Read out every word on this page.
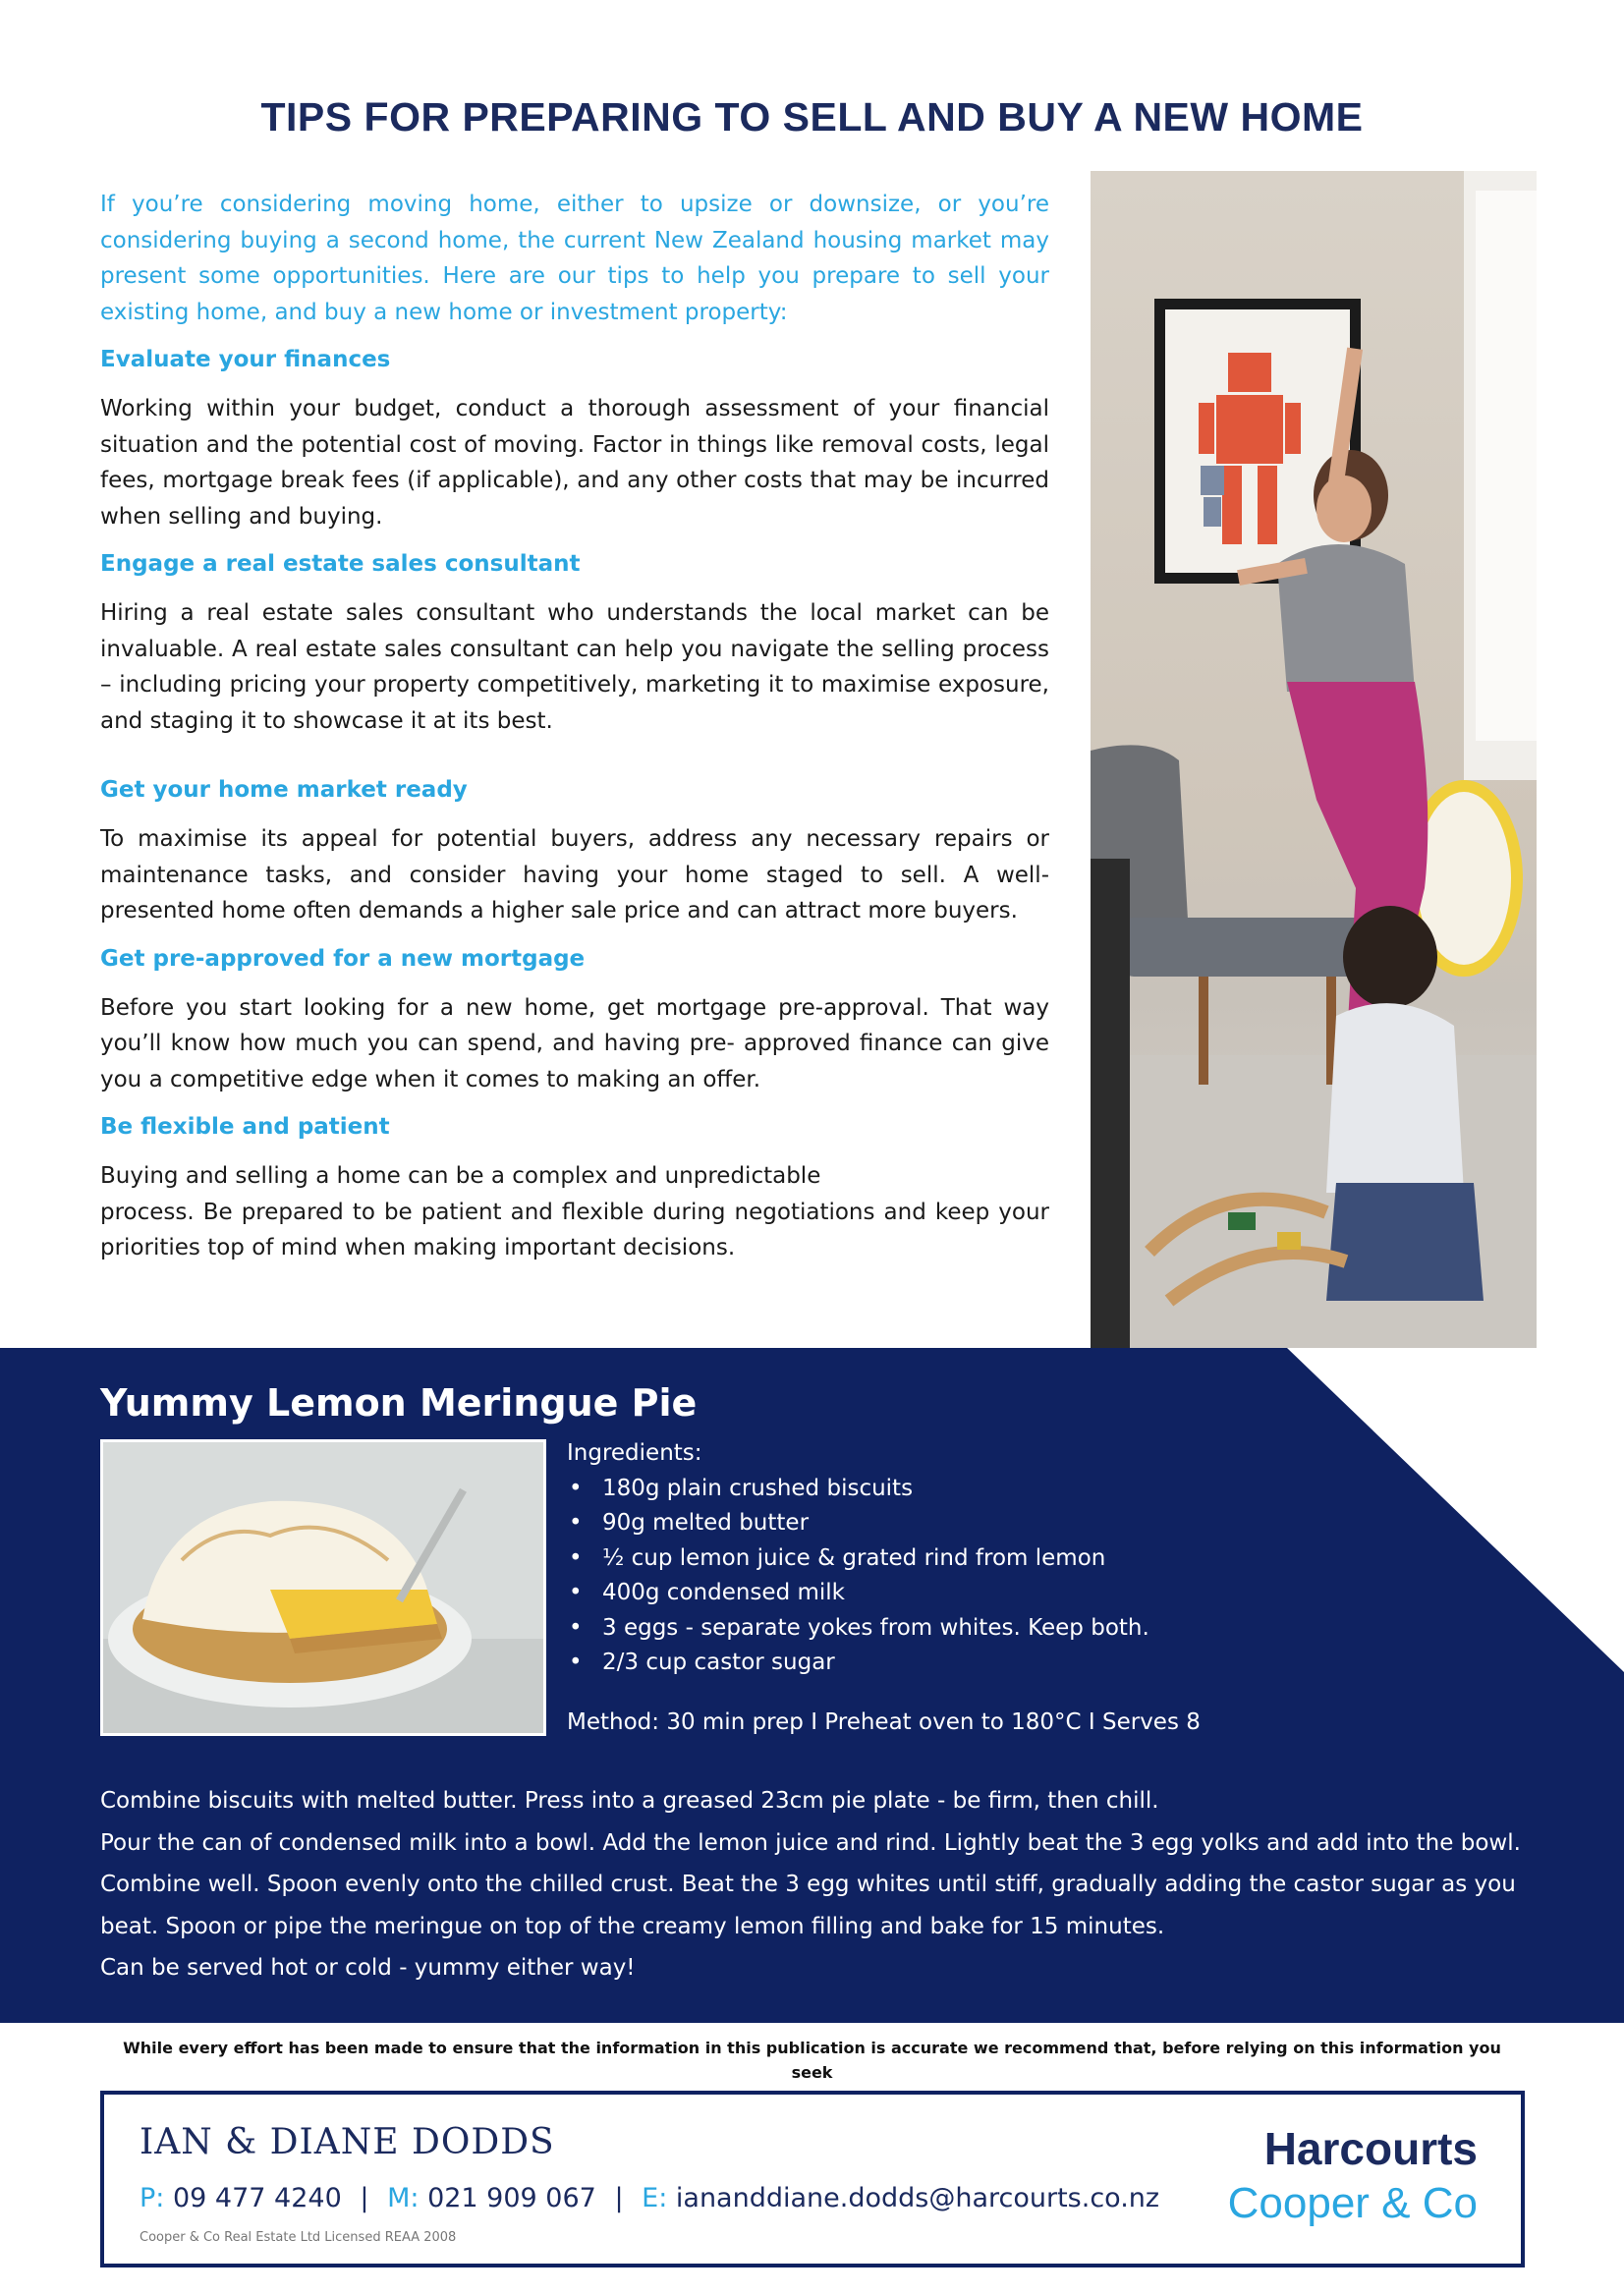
TIPS FOR PREPARING TO SELL AND BUY A NEW HOME

If you’re considering moving home, either to upsize or downsize, or you’re considering buying a second home, the current New Zealand housing market may present some opportunities. Here are our tips to help you prepare to sell your existing home, and buy a new home or investment property:

Evaluate your finances

Working within your budget, conduct a thorough assessment of your financial situation and the potential cost of moving. Factor in things like removal costs, legal fees, mortgage break fees (if applicable), and any other costs that may be incurred when selling and buying.

Engage a real estate sales consultant

Hiring a real estate sales consultant who understands the local market can be invaluable. A real estate sales consultant can help you navigate the selling process – including pricing your property competitively, marketing it to maximise exposure, and staging it to showcase it at its best.

Get your home market ready

To maximise its appeal for potential buyers, address any necessary repairs or maintenance tasks, and consider having your home staged to sell. A well-presented home often demands a higher sale price and can attract more buyers.

Get pre-approved for a new mortgage

Before you start looking for a new home, get mortgage pre-approval. That way you’ll know how much you can spend, and having pre- approved finance can give you a competitive edge when it comes to making an offer.

Be flexible and patient

Buying and selling a home can be a complex and unpredictable

process. Be prepared to be patient and flexible during negotiations and keep your priorities top of mind when making important decisions.

Yummy Lemon Meringue Pie
Ingredients:
• 180g plain crushed biscuits
• 90g melted butter
• ½ cup lemon juice & grated rind from lemon
• 400g condensed milk
• 3 eggs - separate yokes from whites. Keep both.
• 2/3 cup castor sugar
Method: 30 min prep I Preheat oven to 180°C I Serves 8
Combine biscuits with melted butter. Press into a greased 23cm pie plate - be firm, then chill.
Pour the can of condensed milk into a bowl. Add the lemon juice and rind. Lightly beat the 3 egg yolks and add into the bowl.
Combine well. Spoon evenly onto the chilled crust. Beat the 3 egg whites until stiff, gradually adding the castor sugar as you
beat. Spoon or pipe the meringue on top of the creamy lemon filling and bake for 15 minutes.
Can be served hot or cold - yummy either way!
While every effort has been made to ensure that the information in this publication is accurate we recommend that, before relying on this information you seek
IAN & DIANE DODDS
P: 09 477 4240 | M: 021 909 067 | E: iananddiane.dodds@harcourts.co.nz
Cooper & Co Real Estate Ltd Licensed REAA 2008
Harcourts
Cooper & Co
